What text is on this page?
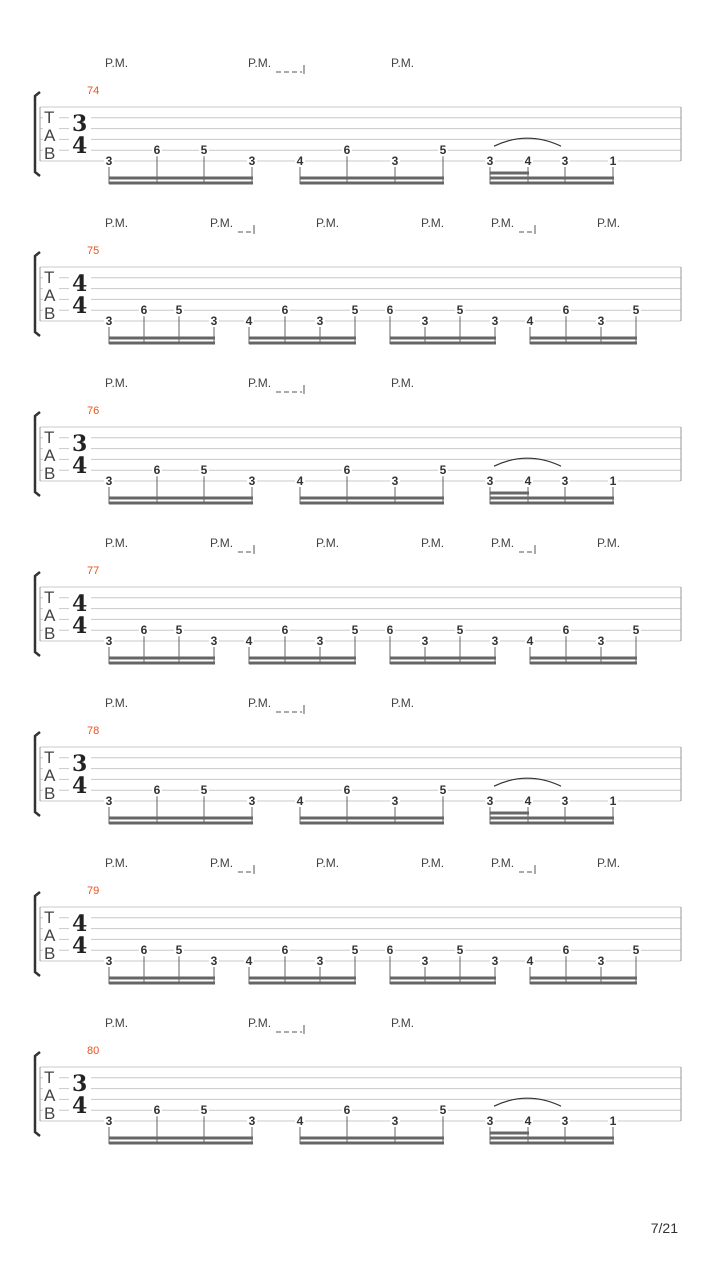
P.M.	P.M.	P.M.
74
T
A
B
3
4
3
6	5
3	4
6
3
5
3	4	3	1
P.M.	P.M.	P.M.	P.M.	P.M.	P.M.
75
T
A
B
4
4
3
6 5
3 4
6
3
5 6
3
5
3 4
6
3
5
P.M.	P.M.	P.M.
76
T
A
B
3
4
3
6	5
3	4
6
3
5
3	4	3	1
P.M.	P.M.	P.M.	P.M.	P.M.	P.M.
77
T
A
B
4
4
3
6 5
3 4
6
3
5 6
3
5
3 4
6
3
5
P.M.	P.M.	P.M.
78
T
A
B
3
4
3
6	5
3	4
6
3
5
3	4	3	1
P.M.	P.M.	P.M.	P.M.	P.M.	P.M.
79
T
A
B
4
4
3
6 5
3 4
6
3
5 6
3
5
3 4
6
3
5
P.M.	P.M.	P.M.
80
T
A
B
3
4
3
6	5
3	4
6
3
5
3	4	3	1
7/21
